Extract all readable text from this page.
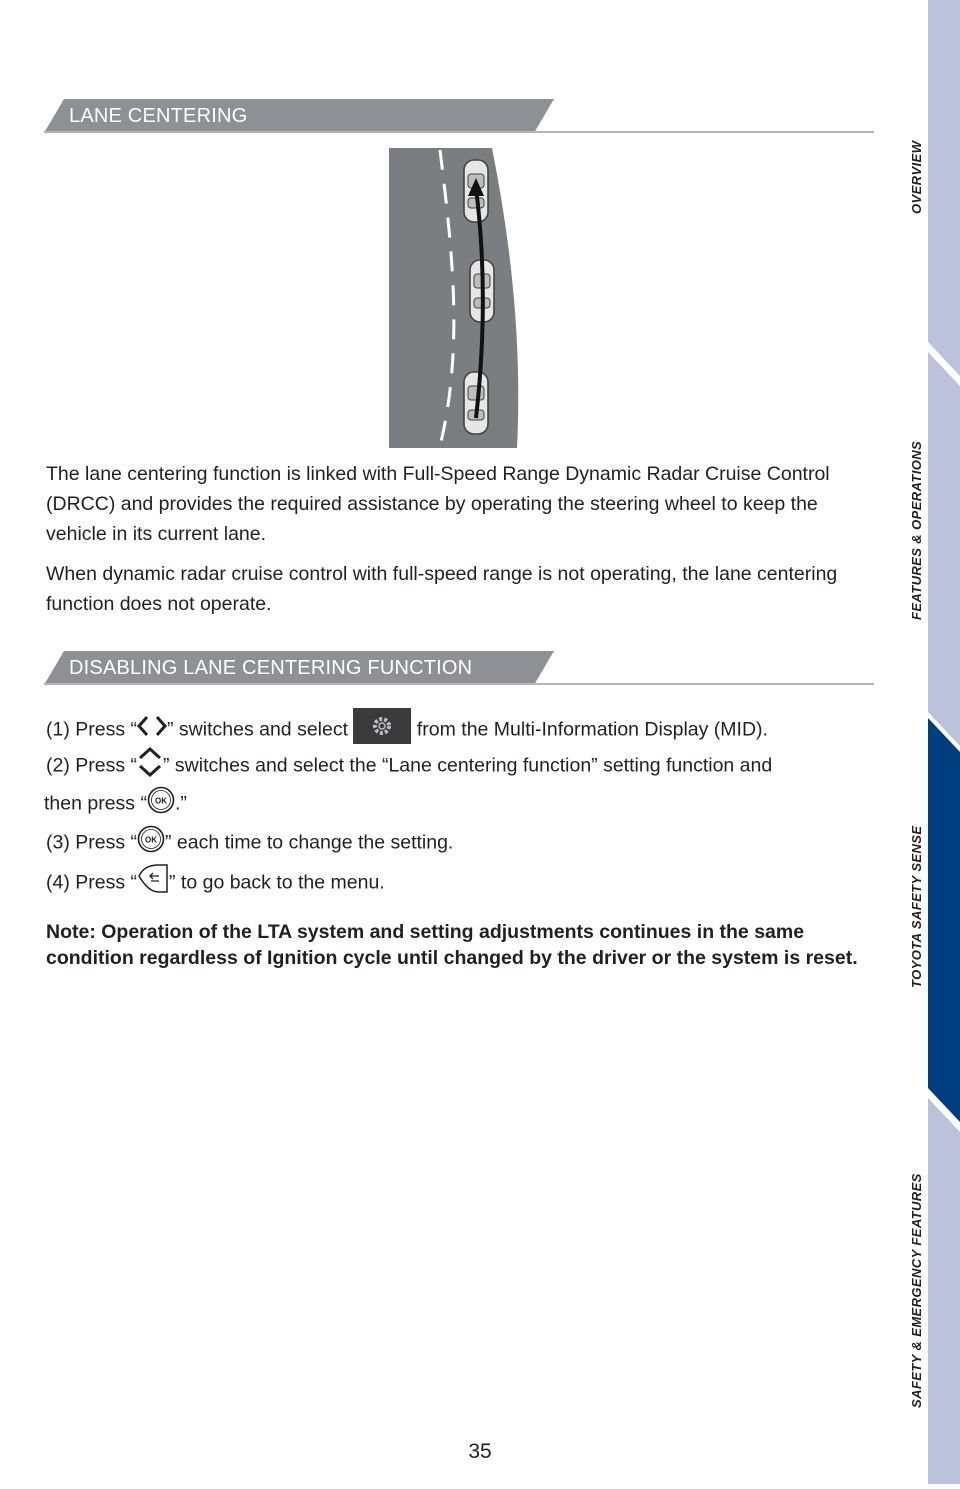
LANE CENTERING

The lane centering function is linked with Full-Speed Range Dynamic Radar Cruise Control (DRCC) and provides the required assistance by operating the steering wheel to keep the vehicle in its current lane.

When dynamic radar cruise control with full-speed range is not operating, the lane centering function does not operate.

DISABLING LANE CENTERING FUNCTION
(1) Press “ ” switches and select	from the Multi-Information Display (MID).
(2) Press “ ” switches and select the “Lane centering function” setting function and
then press “ OK .”
(3) Press “ OK ” each time to change the setting.
(4) Press “ ” to go back to the menu.

Note: Operation of the LTA system and setting adjustments continues in the same condition regardless of Ignition cycle until changed by the driver or the system is reset.

35
OVERVIEW
FEATURES & OPERATIONS
TOYOTA SAFETY SENSE
SAFETY & EMERGENCY FEATURES
